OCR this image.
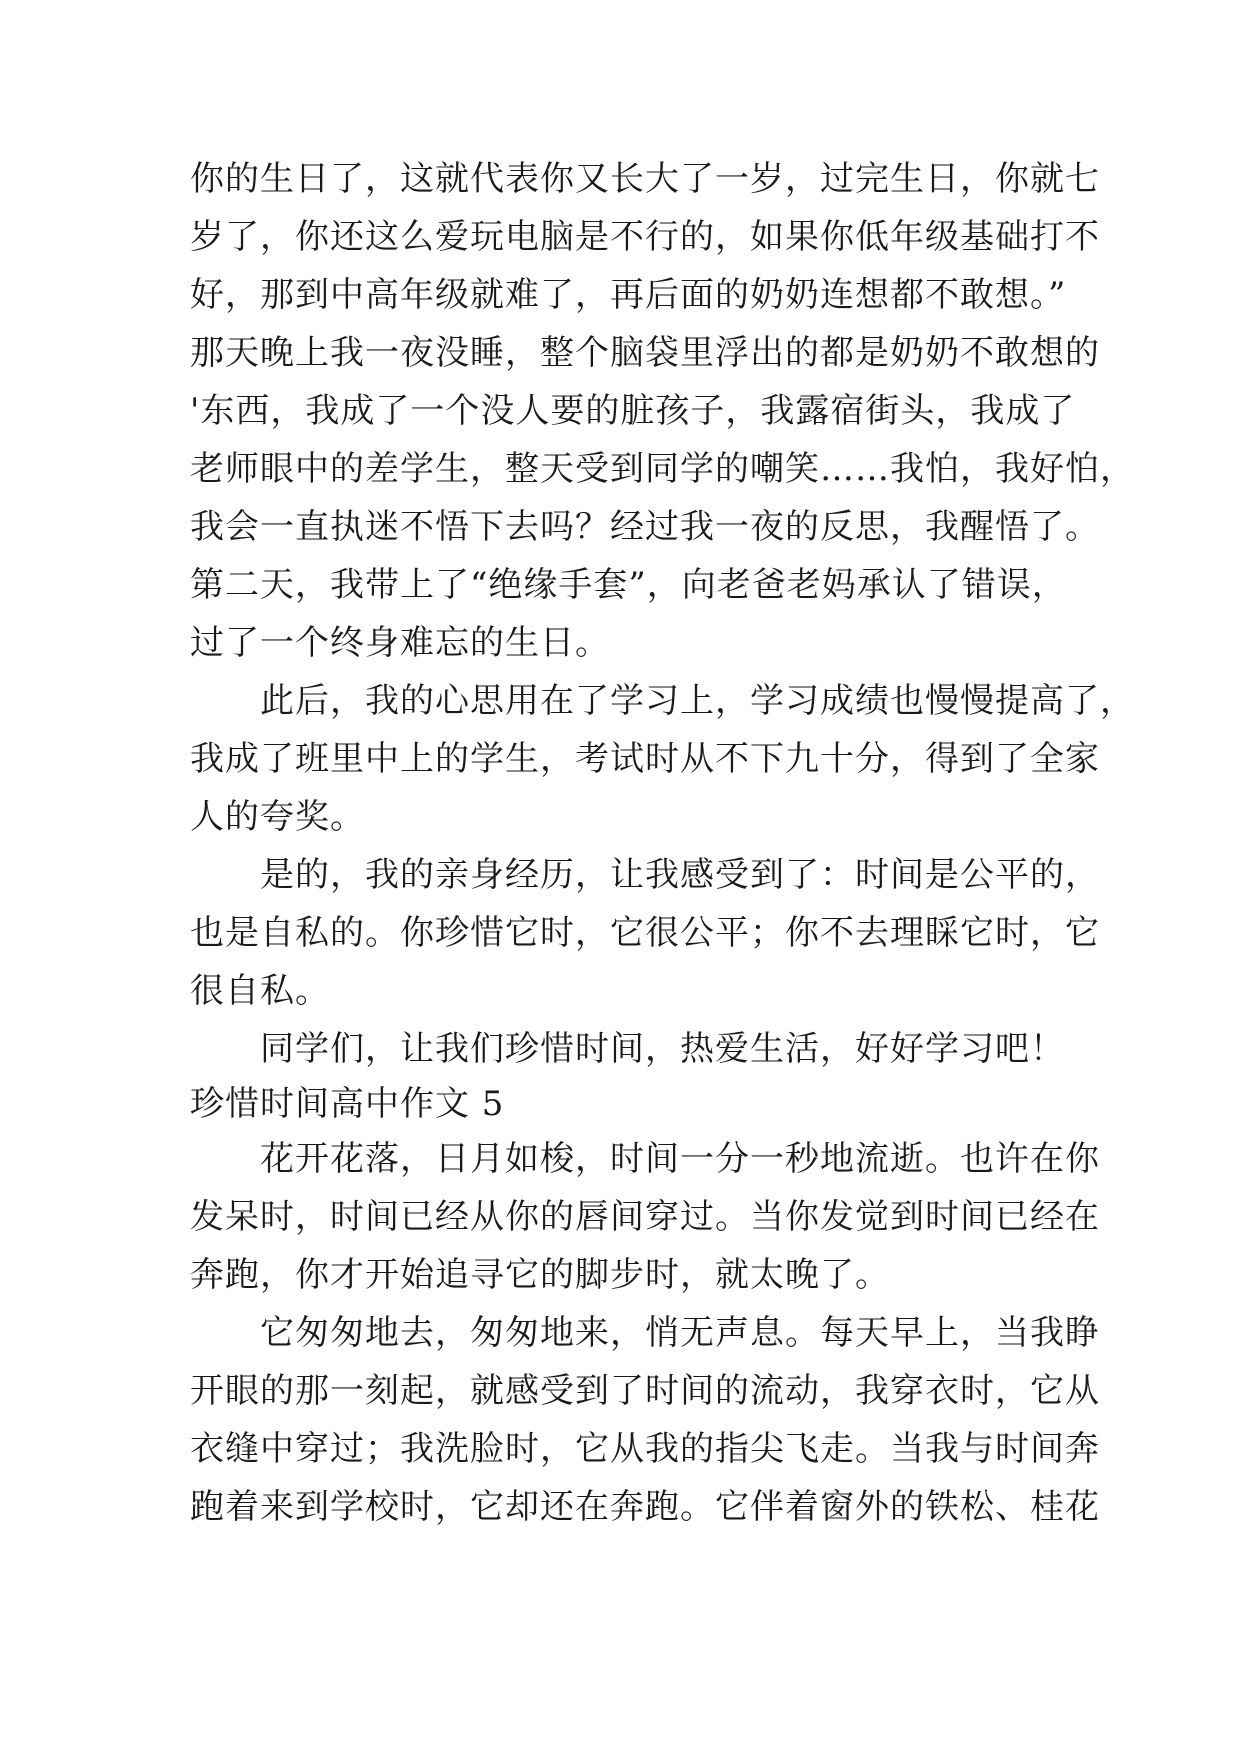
你的生日了，这就代表你又长大了一岁，过完生日，你就七
岁了，你还这么爱玩电脑是不行的，如果你低年级基础打不
好，那到中高年级就难了，再后面的奶奶连想都不敢想。”
那天晚上我一夜没睡，整个脑袋里浮出的都是奶奶不敢想的
'东西，我成了一个没人要的脏孩子，我露宿街头，我成了
老师眼中的差学生，整天受到同学的嘲笑……我怕，我好怕，
我会一直执迷不悟下去吗？经过我一夜的反思，我醒悟了。
第二天，我带上了“绝缘手套”，向老爸老妈承认了错误，
过了一个终身难忘的生日。
　　此后，我的心思用在了学习上，学习成绩也慢慢提高了，
我成了班里中上的学生，考试时从不下九十分，得到了全家
人的夸奖。
　　是的，我的亲身经历，让我感受到了：时间是公平的，
也是自私的。你珍惜它时，它很公平；你不去理睬它时，它
很自私。
　　同学们，让我们珍惜时间，热爱生活，好好学习吧！
珍惜时间高中作文 5
　　花开花落，日月如梭，时间一分一秒地流逝。也许在你
发呆时，时间已经从你的唇间穿过。当你发觉到时间已经在
奔跑，你才开始追寻它的脚步时，就太晚了。
　　它匆匆地去，匆匆地来，悄无声息。每天早上，当我睁
开眼的那一刻起，就感受到了时间的流动，我穿衣时，它从
衣缝中穿过；我洗脸时，它从我的指尖飞走。当我与时间奔
跑着来到学校时，它却还在奔跑。它伴着窗外的铁松、桂花
